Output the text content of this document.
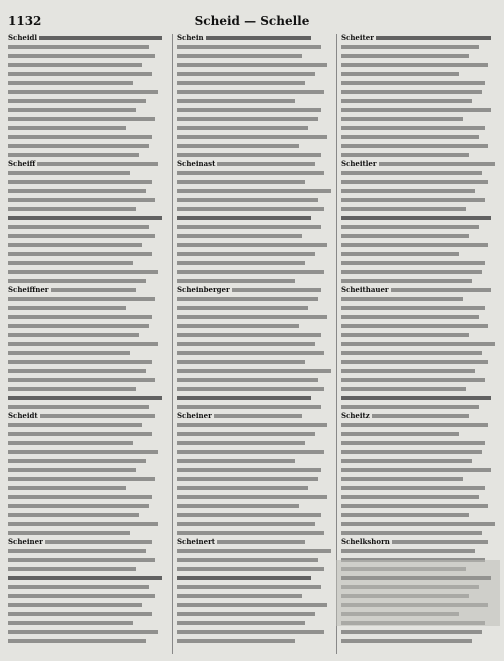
1132	Scheid — Schelle
Scheidl
Scheiff
Scheiffner
Scheidt
Scheiner
Schein
Scheinast
Scheinberger
Scheiner
Scheinert
Scheiter
Scheitler
Scheithauer
Scheitz
Schelkshorn
